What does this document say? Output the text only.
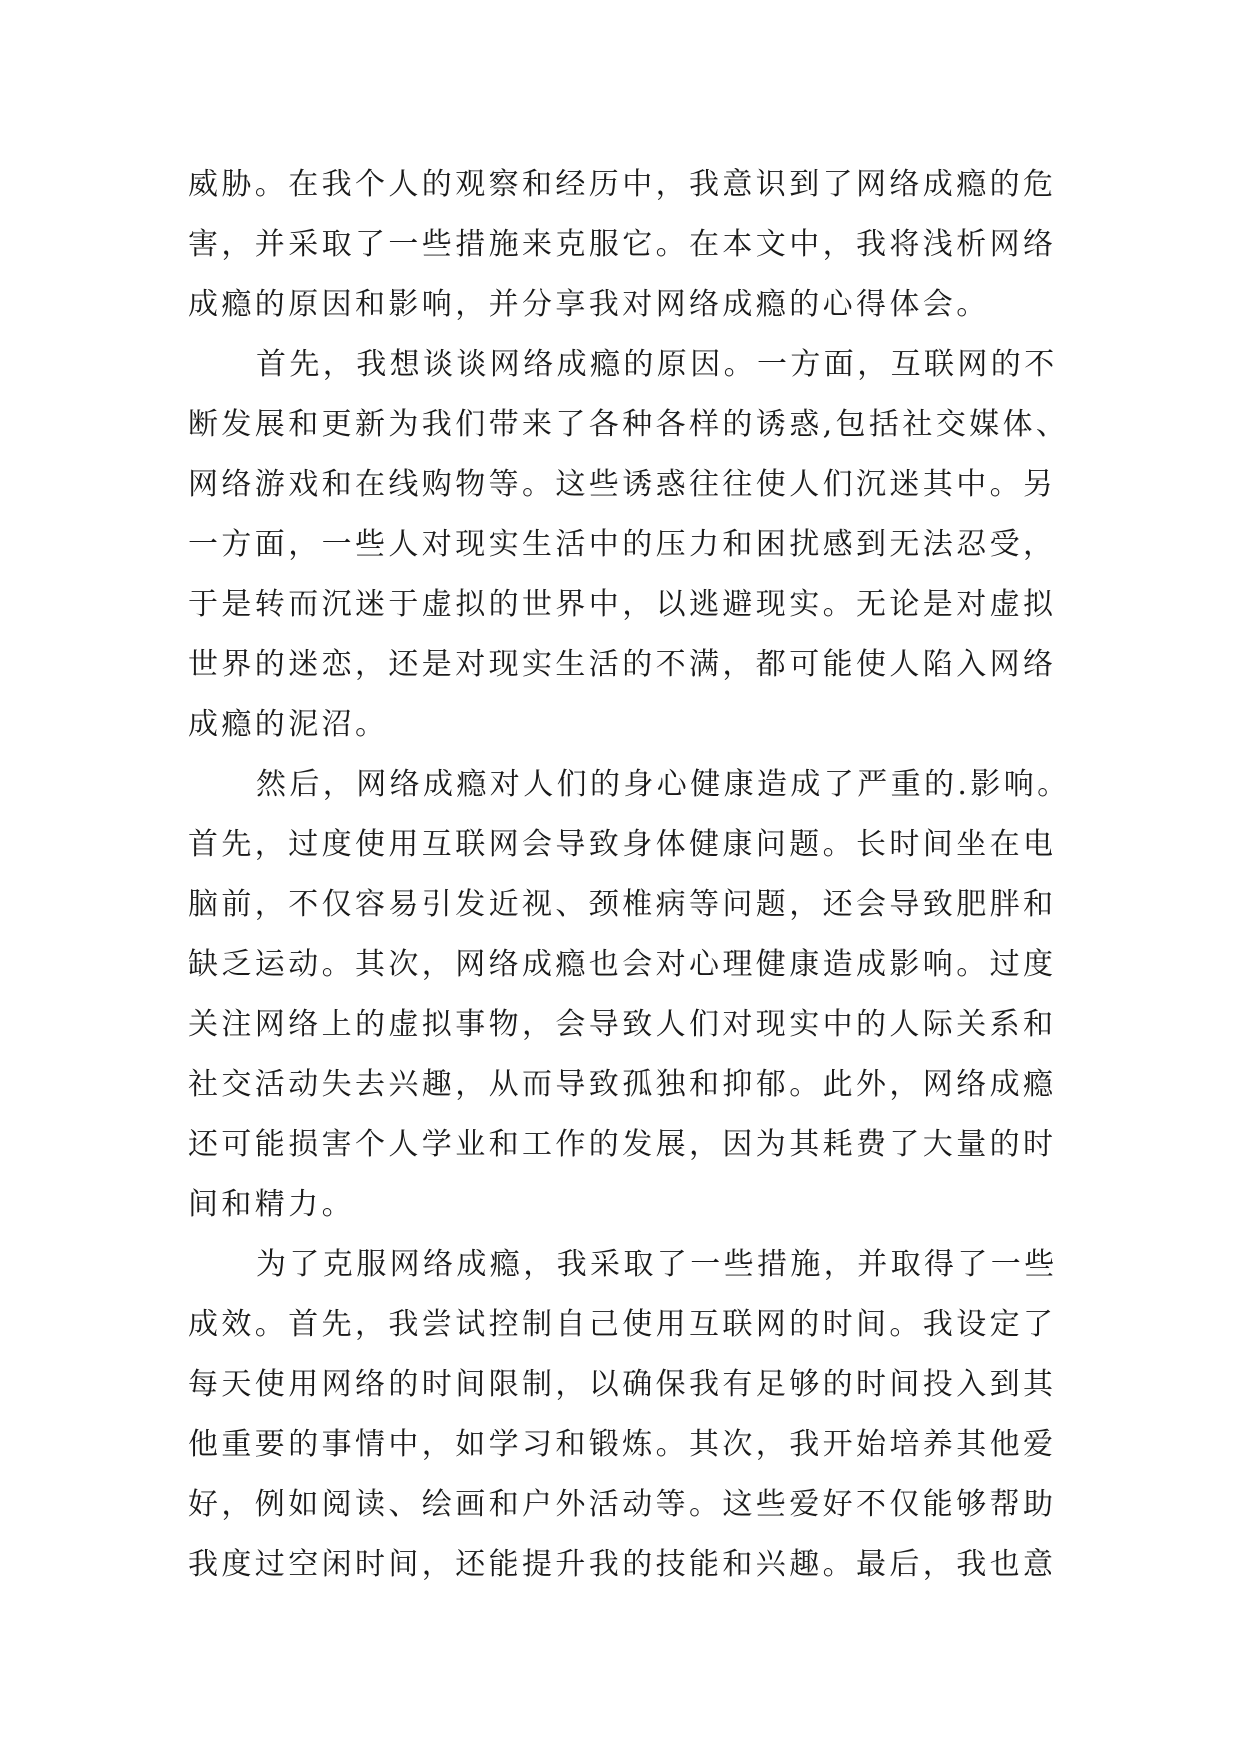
威胁。在我个人的观察和经历中，我意识到了网络成瘾的危
害，并采取了一些措施来克服它。在本文中，我将浅析网络
成瘾的原因和影响，并分享我对网络成瘾的心得体会。
首先，我想谈谈网络成瘾的原因。一方面，互联网的不
断发展和更新为我们带来了各种各样的诱惑,包括社交媒体、
网络游戏和在线购物等。这些诱惑往往使人们沉迷其中。另
一方面，一些人对现实生活中的压力和困扰感到无法忍受，
于是转而沉迷于虚拟的世界中，以逃避现实。无论是对虚拟
世界的迷恋，还是对现实生活的不满，都可能使人陷入网络
成瘾的泥沼。
然后，网络成瘾对人们的身心健康造成了严重的.影响。
首先，过度使用互联网会导致身体健康问题。长时间坐在电
脑前，不仅容易引发近视、颈椎病等问题，还会导致肥胖和
缺乏运动。其次，网络成瘾也会对心理健康造成影响。过度
关注网络上的虚拟事物，会导致人们对现实中的人际关系和
社交活动失去兴趣，从而导致孤独和抑郁。此外，网络成瘾
还可能损害个人学业和工作的发展，因为其耗费了大量的时
间和精力。
为了克服网络成瘾，我采取了一些措施，并取得了一些
成效。首先，我尝试控制自己使用互联网的时间。我设定了
每天使用网络的时间限制，以确保我有足够的时间投入到其
他重要的事情中，如学习和锻炼。其次，我开始培养其他爱
好，例如阅读、绘画和户外活动等。这些爱好不仅能够帮助
我度过空闲时间，还能提升我的技能和兴趣。最后，我也意
